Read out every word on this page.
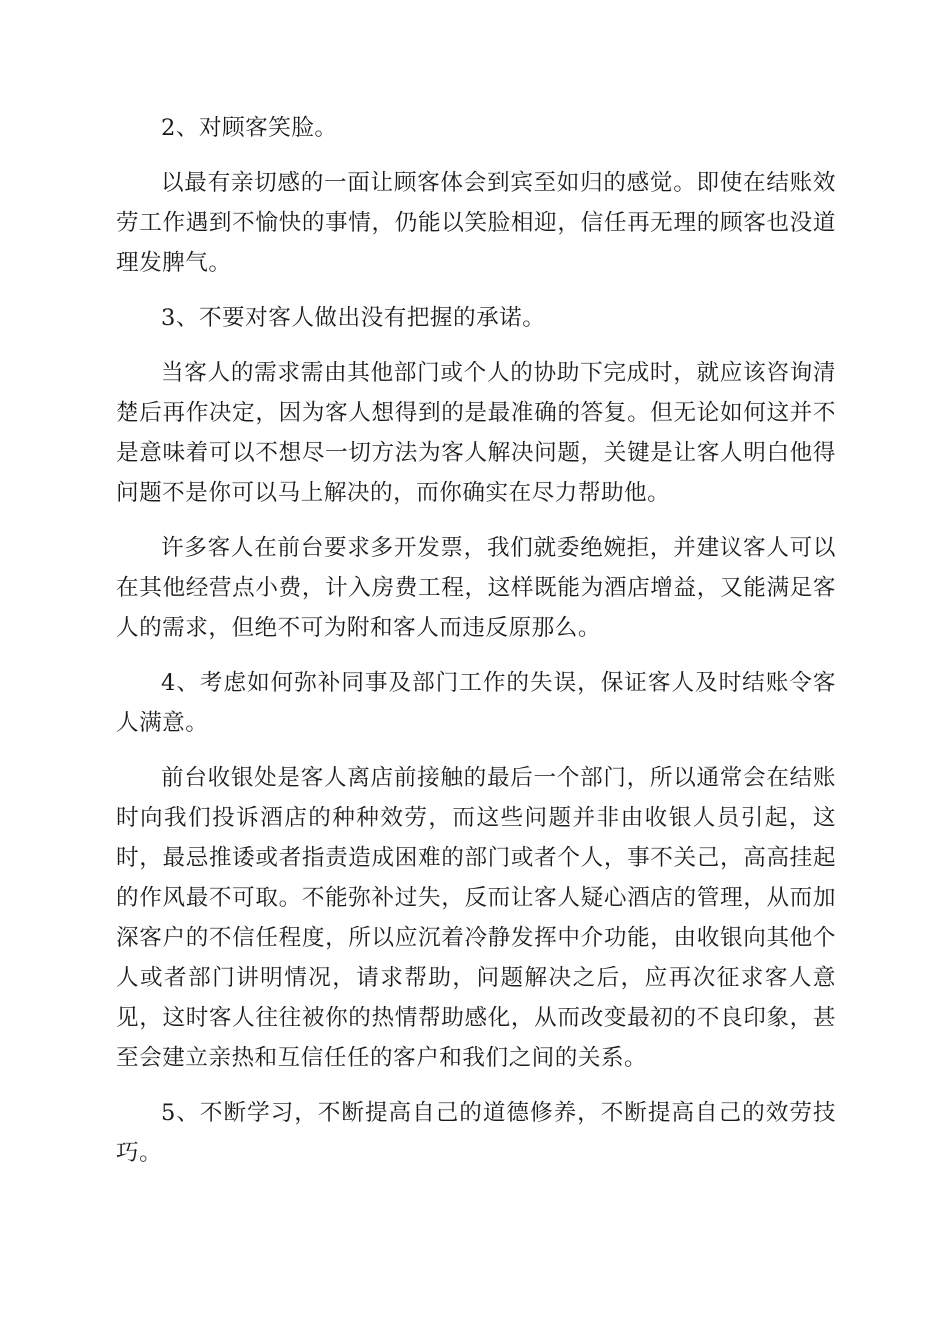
2、对顾客笑脸。

以最有亲切感的一面让顾客体会到宾至如归的感觉。即使在结账效劳工作遇到不愉快的事情，仍能以笑脸相迎，信任再无理的顾客也没道理发脾气。

3、不要对客人做出没有把握的承诺。

当客人的需求需由其他部门或个人的协助下完成时，就应该咨询清楚后再作决定，因为客人想得到的是最准确的答复。但无论如何这并不是意味着可以不想尽一切方法为客人解决问题，关键是让客人明白他得问题不是你可以马上解决的，而你确实在尽力帮助他。

许多客人在前台要求多开发票，我们就委绝婉拒，并建议客人可以在其他经营点小费，计入房费工程，这样既能为酒店增益，又能满足客人的需求，但绝不可为附和客人而违反原那么。

4、考虑如何弥补同事及部门工作的失误，保证客人及时结账令客人满意。

前台收银处是客人离店前接触的最后一个部门，所以通常会在结账时向我们投诉酒店的种种效劳，而这些问题并非由收银人员引起，这时，最忌推诿或者指责造成困难的部门或者个人，事不关己，高高挂起的作风最不可取。不能弥补过失，反而让客人疑心酒店的管理，从而加深客户的不信任程度，所以应沉着冷静发挥中介功能，由收银向其他个人或者部门讲明情况，请求帮助，问题解决之后，应再次征求客人意见，这时客人往往被你的热情帮助感化，从而改变最初的不良印象，甚至会建立亲热和互信任任的客户和我们之间的关系。

5、不断学习，不断提高自己的道德修养，不断提高自己的效劳技巧。
